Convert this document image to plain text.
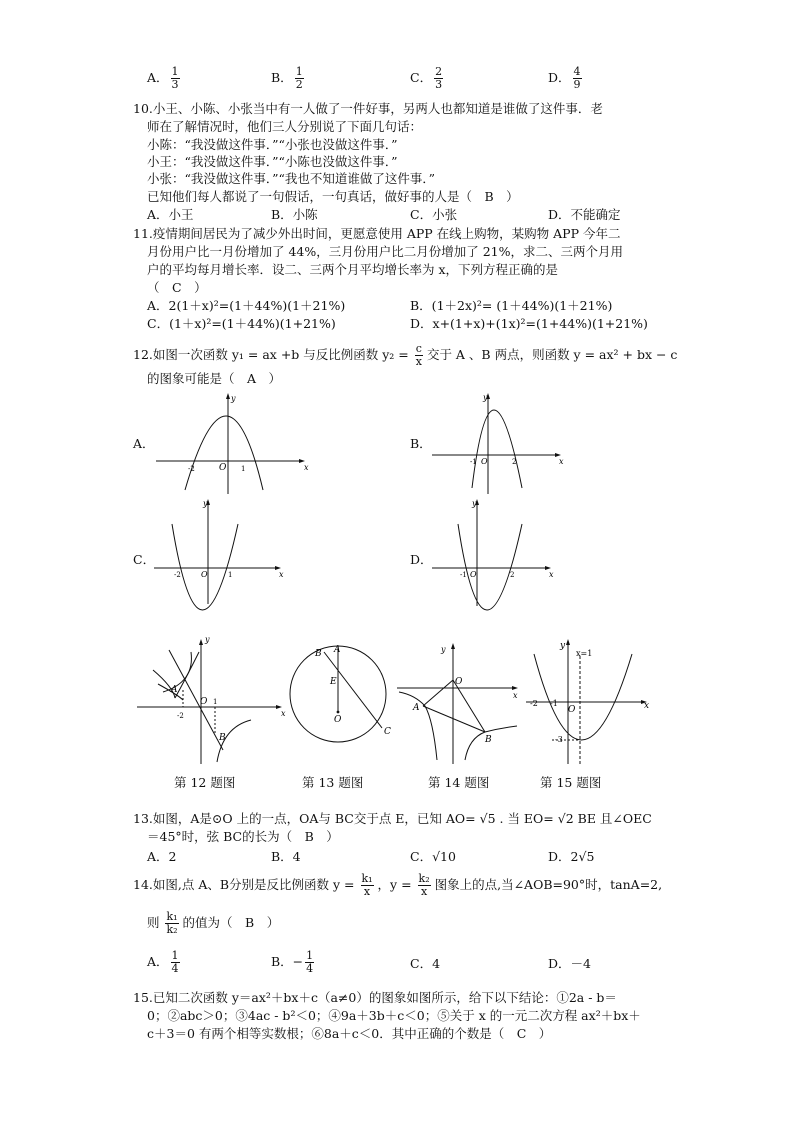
A． $\frac{1}{3}$	B． $\frac{1}{2}$	C． $\frac{2}{3}$	D． $\frac{4}{9}$
10.小王、小陈、小张当中有一人做了一件好事，另两人也都知道是谁做了这件事．老
师在了解情况时，他们三人分别说了下面几句话：
小陈：“我没做这件事．”“小张也没做这件事．”
小王：“我没做这件事．”“小陈也没做这件事．”
小张：“我没做这件事．”“我也不知道谁做了这件事．”
已知他们每人都说了一句假话，一句真话，做好事的人是（　B　）
A．小王	B．小陈	C．小张	D．不能确定
11.疫情期间居民为了减少外出时间，更愿意使用 APP 在线上购物，某购物 APP 今年二
月份用户比一月份增加了 44%，三月份用户比二月份增加了 21%，求二、三两个月用
户的平均每月增长率．设二、三两个月平均增长率为 x，下列方程正确的是
（　C　）
A．2(1＋x)²=(1＋44%)(1＋21%)	B．(1＋2x)²= (1＋44%)(1＋21%)
C．(1＋x)²=(1＋44%)(1+21%)	D．x+(1+x)+(1x)²=(1+44%)(1+21%)
12.如图一次函数 y₁ = ax +b 与反比例函数 $y_2 = \frac{c}{x}$ 交于 A 、B 两点，则函数 y = ax² + bx − c
的图象可能是（　A　）
A．	B．
C．	D．
x
y
O
-2	1
x
y
O
-1	2
x
y
O
-2	1	x
y
O
-1	2
y
x
A
B
O
-2
1
A
B
C
E
O
y
x
O
A
B
y
x
x=1
-2 -1
O
-3
第 12 题图	第 13 题图	第 14 题图	第 15 题图
13.如图，A是⊙O 上的一点，OA与 BC交于点 E，已知 AO= √5 . 当 EO= √2 BE 且∠OEC
＝45°时，弦 BC的长为（　B　）
A．2	B．4	C．√10	D．2√5
14.如图,点 A、B分别是反比例函数 $y = \frac{\text{k₁}}{x}$ ，$y = \frac{\text{k₂}}{x}$ 图象上的点,当∠AOB=90°时，tanA=2,
则 $\frac{\text{k₁}}{\text{k₂}}$ 的值为（　B　）
A． $\frac{1}{4}$	B．− $\frac{1}{4}$	C．4	D．－4
15.已知二次函数 y＝ax²＋bx＋c（a≠0）的图象如图所示，给下以下结论：①2a - b＝
0；②abc＞0；③4ac - b²＜0；④9a＋3b＋c＜0；⑤关于 x 的一元二次方程 ax²＋bx＋
c＋3＝0 有两个相等实数根；⑥8a＋c＜0．其中正确的个数是（　C　）
